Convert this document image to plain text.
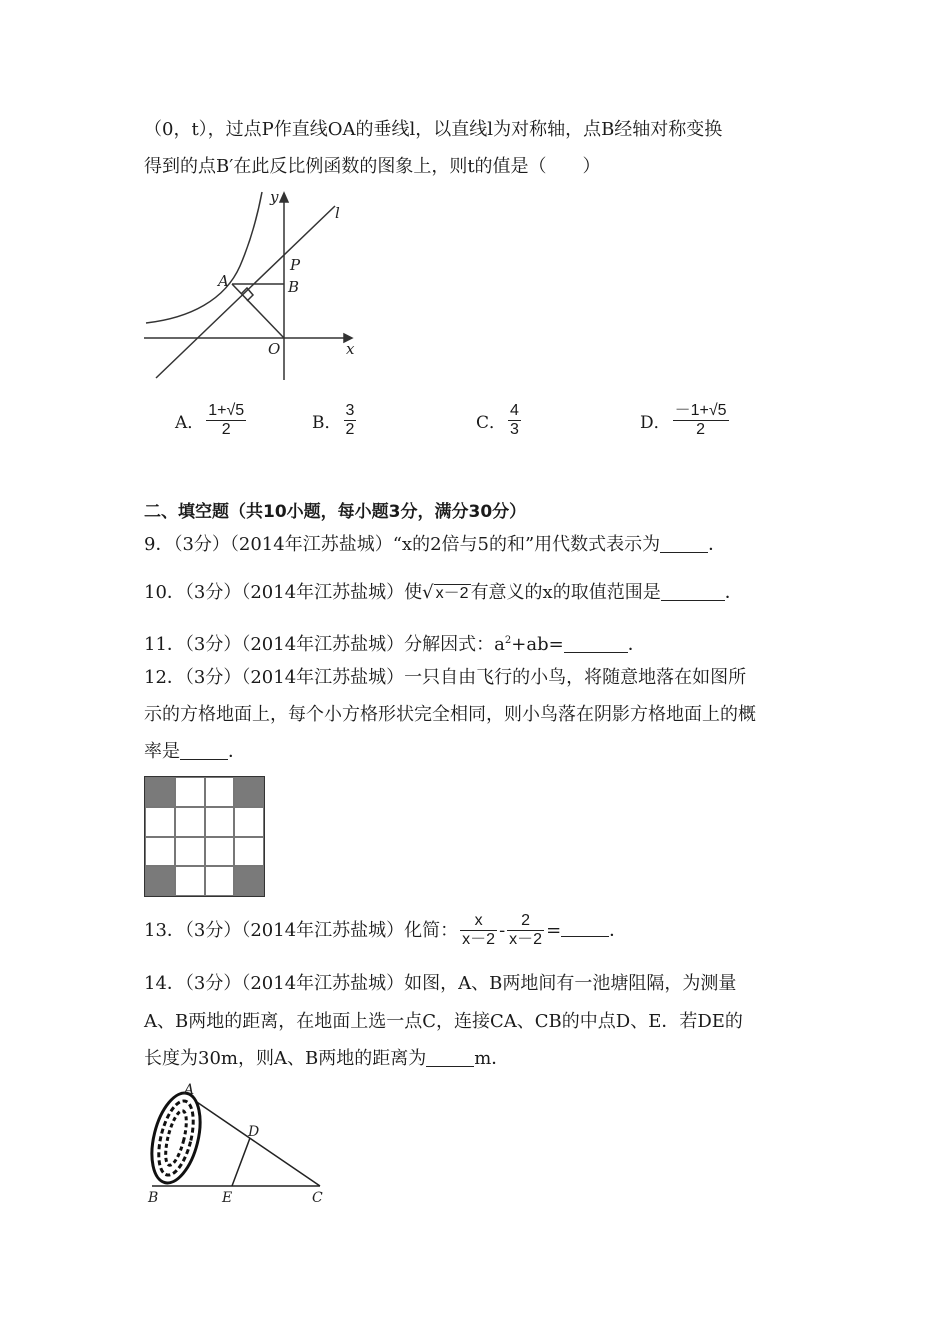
（0，t），过点P作直线OA的垂线l，以直线l为对称轴，点B经轴对称变换
得到的点B′在此反比例函数的图象上，则t的值是（　　）
y
l
P
A	B
O	x
A． $\frac{1+√5}{2}$	B． $\frac{3}{2}$	C． $\frac{4}{3}$	D． $\frac{-1+√5}{2}$
二、填空题（共10小题，每小题3分，满分30分）
9．（3分）（2014年江苏盐城）“x的2倍与5的和”用代数式表示为	．
10．（3分）（2014年江苏盐城）使√ x－2 有意义的x的取值范围是	．
11．（3分）（2014年江苏盐城）分解因式：$a^2+ab=$	．
12．（3分）（2014年江苏盐城）一只自由飞行的小鸟，将随意地落在如图所
示的方格地面上，每个小方格形状完全相同，则小鸟落在阴影方格地面上的概
率是	．
13．（3分）（2014年江苏盐城）化简： $\frac{x}{x-2} - \frac{2}{x-2}$ =	．
14．（3分）（2014年江苏盐城）如图，A、B两地间有一池塘阻隔，为测量
A、B两地的距离，在地面上选一点C，连接CA、CB的中点D、E．若DE的
长度为30m，则A、B两地的距离为	m．
A
D
B	E	C
